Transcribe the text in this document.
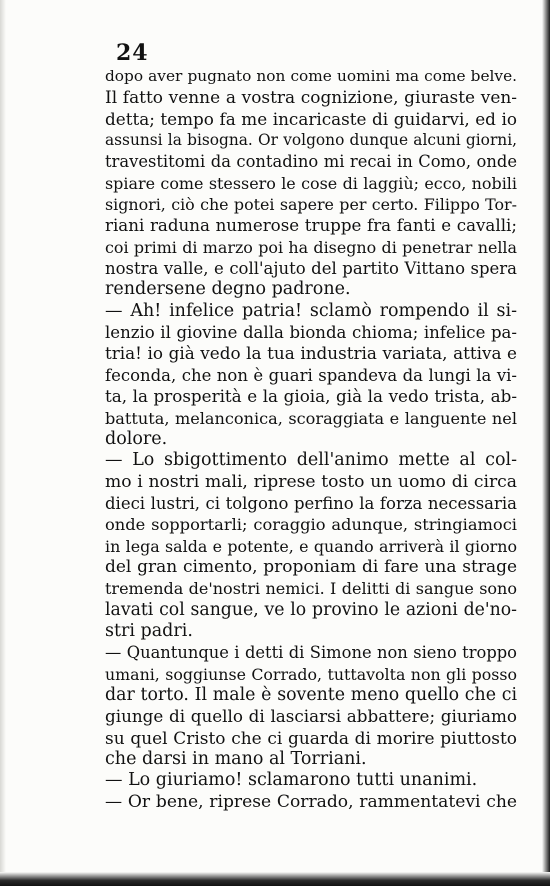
24
dopo aver pugnato non come uomini ma come belve.
Il fatto venne a vostra cognizione, giuraste ven-
detta; tempo fa me incaricaste di guidarvi, ed io
assunsi la bisogna. Or volgono dunque alcuni giorni,
travestitomi da contadino mi recai in Como, onde
spiare come stessero le cose di laggiù; ecco, nobili
signori, ciò che potei sapere per certo. Filippo Tor-
riani raduna numerose truppe fra fanti e cavalli;
coi primi di marzo poi ha disegno di penetrar nella
nostra valle, e coll'ajuto del partito Vittano spera
rendersene degno padrone.
— Ah! infelice patria! sclamò rompendo il si-
lenzio il giovine dalla bionda chioma; infelice pa-
tria! io già vedo la tua industria variata, attiva e
feconda, che non è guari spandeva da lungi la vi-
ta, la prosperità e la gioia, già la vedo trista, ab-
battuta, melanconica, scoraggiata e languente nel
dolore.
— Lo sbigottimento dell'animo mette al col-
mo i nostri mali, riprese tosto un uomo di circa
dieci lustri, ci tolgono perfino la forza necessaria
onde sopportarli; coraggio adunque, stringiamoci
in lega salda e potente, e quando arriverà il giorno
del gran cimento, proponiam di fare una strage
tremenda de'nostri nemici. I delitti di sangue sono
lavati col sangue, ve lo provino le azioni de'no-
stri padri.
— Quantunque i detti di Simone non sieno troppo
umani, soggiunse Corrado, tuttavolta non gli posso
dar torto. Il male è sovente meno quello che ci
giunge di quello di lasciarsi abbattere; giuriamo
su quel Cristo che ci guarda di morire piuttosto
che darsi in mano al Torriani.
— Lo giuriamo! sclamarono tutti unanimi.
— Or bene, riprese Corrado, rammentatevi che
